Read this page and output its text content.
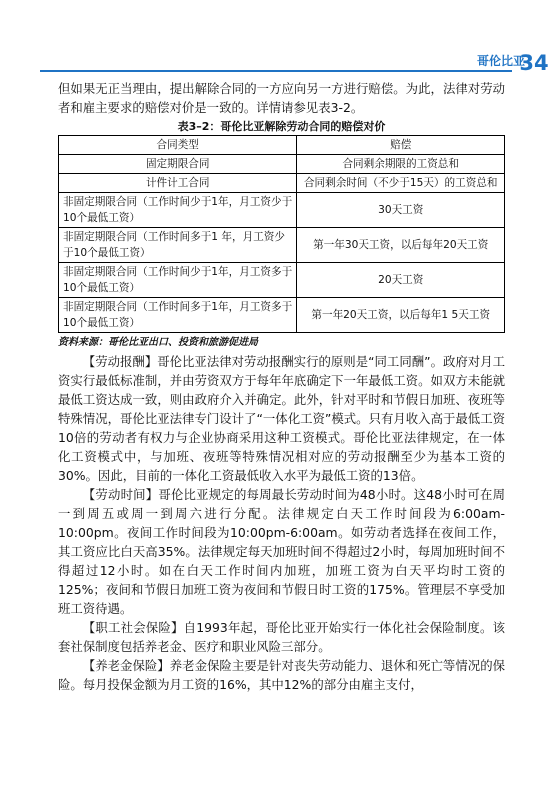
哥伦比亚
34

但如果无正当理由，提出解除合同的一方应向另一方进行赔偿。为此，法律对劳动者和雇主要求的赔偿对价是一致的。详情请参见表3-2。

表3–2：哥伦比亚解除劳动合同的赔偿对价
合同类型	赔偿
固定期限合同	合同剩余期限的工资总和
计件计工合同	合同剩余时间（不少于15天）的工资总和
非固定期限合同（工作时间少于1年，月工资少于10个最低工资）	30天工资
非固定期限合同（工作时间多于1 年，月工资少于10个最低工资）	第一年30天工资，以后每年20天工资
非固定期限合同（工作时间少于1年，月工资多于10个最低工资）	20天工资
非固定期限合同（工作时间多于1年，月工资多于10个最低工资）	第一年20天工资，以后每年1 5天工资
资料来源：哥伦比亚出口、投资和旅游促进局

【劳动报酬】哥伦比亚法律对劳动报酬实行的原则是“同工同酬”。政府对月工资实行最低标准制，并由劳资双方于每年年底确定下一年最低工资。如双方未能就最低工资达成一致，则由政府介入并确定。此外，针对平时和节假日加班、夜班等特殊情况，哥伦比亚法律专门设计了“一体化工资”模式。只有月收入高于最低工资10倍的劳动者有权力与企业协商采用这种工资模式。哥伦比亚法律规定，在一体化工资模式中，与加班、夜班等特殊情况相对应的劳动报酬至少为基本工资的30%。因此，目前的一体化工资最低收入水平为最低工资的13倍。

【劳动时间】哥伦比亚规定的每周最长劳动时间为48小时。这48小时可在周一到周五或周一到周六进行分配。法律规定白天工作时间段为6:00am-10:00pm。夜间工作时间段为10:00pm-6:00am。如劳动者选择在夜间工作，其工资应比白天高35%。法律规定每天加班时间不得超过2小时，每周加班时间不得超过12小时。如在白天工作时间内加班，加班工资为白天平均时工资的125%；夜间和节假日加班工资为夜间和节假日时工资的175%。管理层不享受加班工资待遇。

【职工社会保险】自1993年起，哥伦比亚开始实行一体化社会保险制度。该套社保制度包括养老金、医疗和职业风险三部分。

【养老金保险】养老金保险主要是针对丧失劳动能力、退休和死亡等情况的保险。每月投保金额为月工资的16%，其中12%的部分由雇主支付，
